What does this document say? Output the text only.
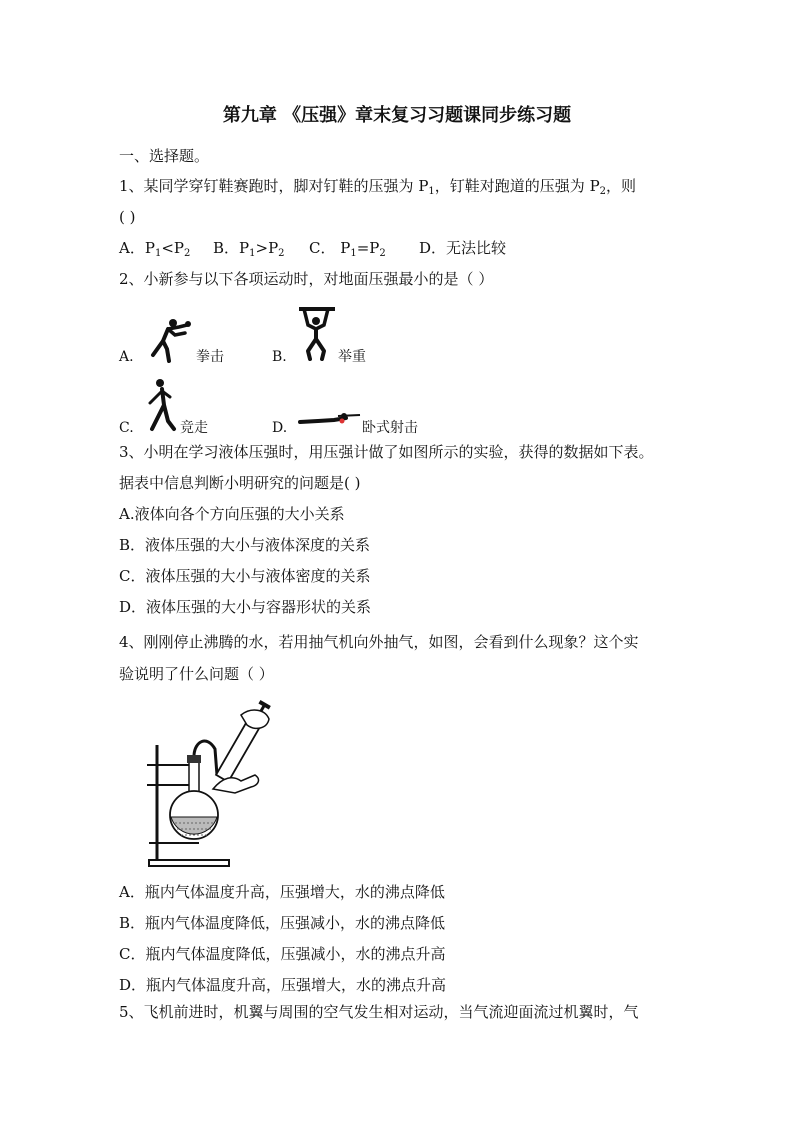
第九章 《压强》章末复习习题课同步练习题
一、选择题。
1、某同学穿钉鞋赛跑时，脚对钉鞋的压强为 $P_1$，钉鞋对跑道的压强为 $P_2$，则
( )
A．$P_1<P_2$ B．$P_1>P_2$ C． $P_1=P_2$ D．无法比较
2、小新参与以下各项运动时，对地面压强最小的是（ ）
A.	拳击	B.	举重
C.	竞走	D.	卧式射击
3、小明在学习液体压强时，用压强计做了如图所示的实验，获得的数据如下表。
据表中信息判断小明研究的问题是( )
A.液体向各个方向压强的大小关系
B．液体压强的大小与液体深度的关系
C．液体压强的大小与液体密度的关系
D．液体压强的大小与容器形状的关系
4、刚刚停止沸腾的水，若用抽气机向外抽气，如图，会看到什么现象？这个实
验说明了什么问题（ ）
A．瓶内气体温度升高，压强增大，水的沸点降低
B．瓶内气体温度降低，压强减小，水的沸点降低
C．瓶内气体温度降低，压强减小，水的沸点升高
D．瓶内气体温度升高，压强增大，水的沸点升高
5、飞机前进时，机翼与周围的空气发生相对运动，当气流迎面流过机翼时，气
